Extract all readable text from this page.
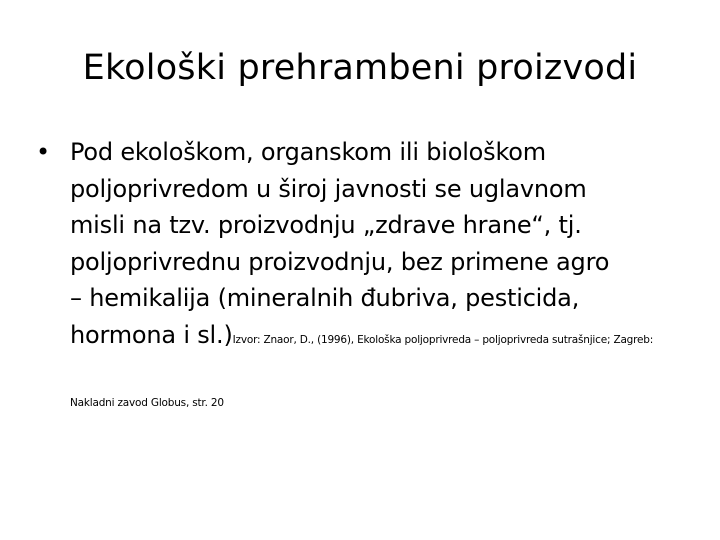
Ekološki prehrambeni proizvodi
• Pod ekološkom, organskom ili biološkom
poljoprivredom u široj javnosti se uglavnom
misli na tzv. proizvodnju „zdrave hrane“, tj.
poljoprivrednu proizvodnju, bez primene agro
– hemikalija (mineralnih đubriva, pesticida,
hormona i sl.)Izvor: Znaor, D., (1996), Ekološka poljoprivreda – poljoprivreda sutrašnjice; Zagreb:
Nakladni zavod Globus, str. 20
